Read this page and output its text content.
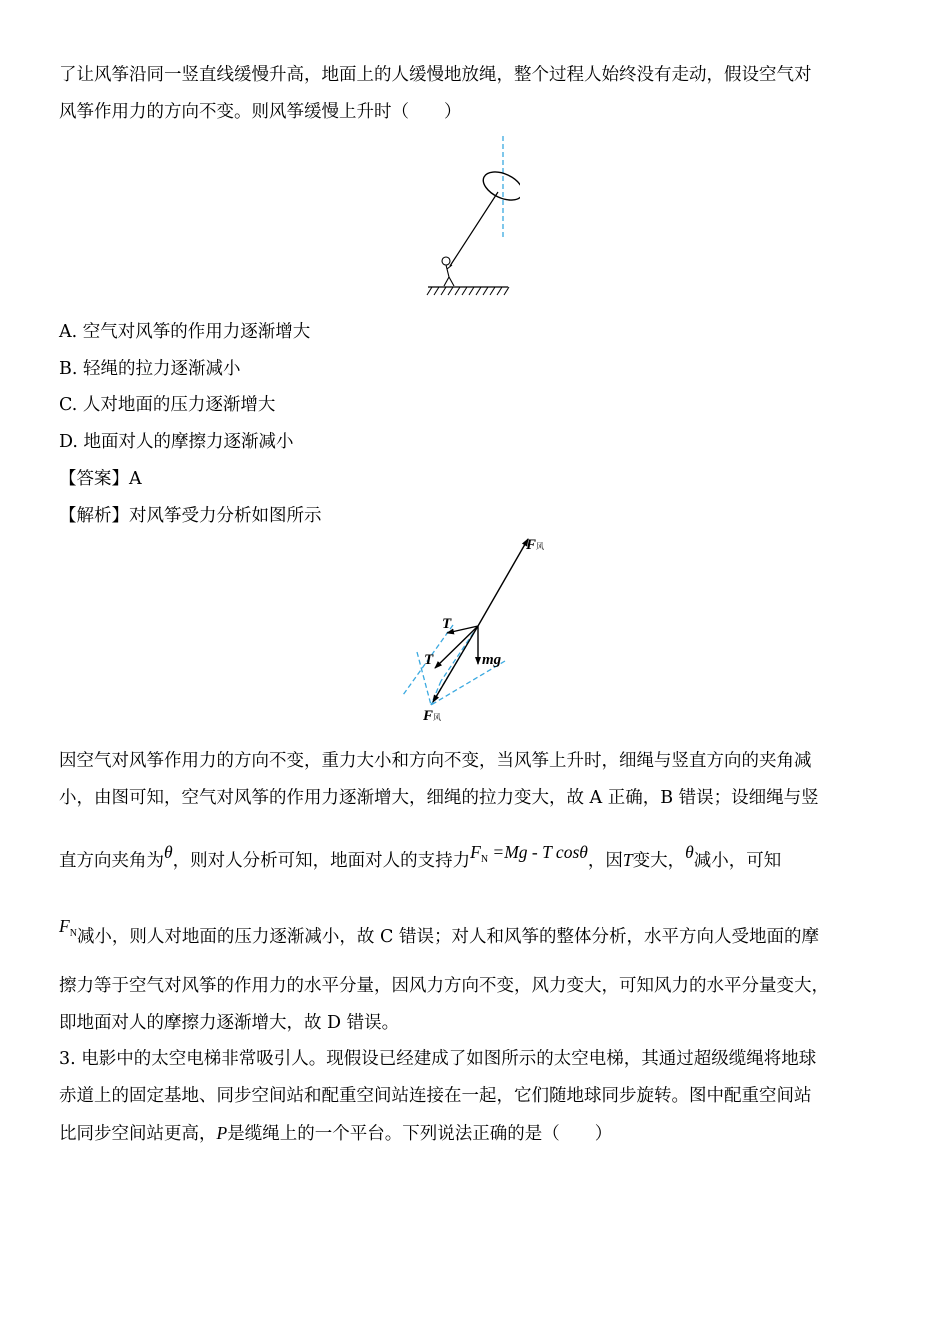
了让风筝沿同一竖直线缓慢升高，地面上的人缓慢地放绳，整个过程人始终没有走动，假设空气对
风筝作用力的方向不变。则风筝缓慢上升时（　　）
A. 空气对风筝的作用力逐渐增大
B. 轻绳的拉力逐渐减小
C. 人对地面的压力逐渐增大
D. 地面对人的摩擦力逐渐减小
【答案】A
【解析】对风筝受力分析如图所示
F风
T
T	mg
F风
因空气对风筝作用力的方向不变，重力大小和方向不变，当风筝上升时，细绳与竖直方向的夹角减
小，由图可知，空气对风筝的作用力逐渐增大，细绳的拉力变大，故 A 正确，B 错误；设细绳与竖
直方向夹角为θ，则对人分析可知，地面对人的支持力$F_N =Mg - T$ cosθ，因T变大，θ减小，可知
$F_N$减小，则人对地面的压力逐渐减小，故 C 错误；对人和风筝的整体分析，水平方向人受地面的摩
擦力等于空气对风筝的作用力的水平分量，因风力方向不变，风力变大，可知风力的水平分量变大，
即地面对人的摩擦力逐渐增大，故 D 错误。
3. 电影中的太空电梯非常吸引人。现假设已经建成了如图所示的太空电梯，其通过超级缆绳将地球
赤道上的固定基地、同步空间站和配重空间站连接在一起，它们随地球同步旋转。图中配重空间站
比同步空间站更高，P是缆绳上的一个平台。下列说法正确的是（　　）
